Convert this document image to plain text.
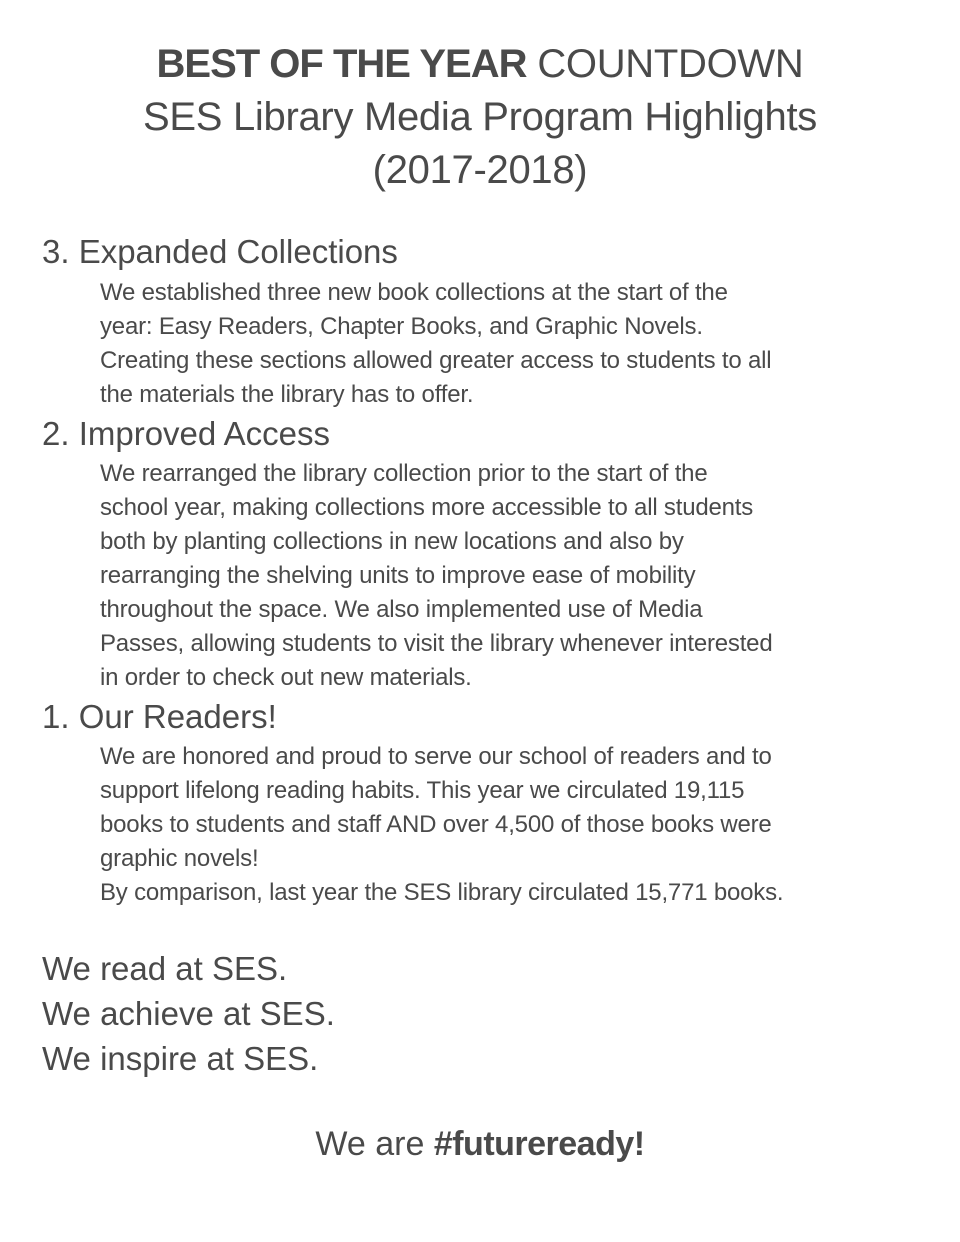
BEST OF THE YEAR COUNTDOWN
SES Library Media Program Highlights
(2017-2018)
3. Expanded Collections
We established three new book collections at the start of the
year: Easy Readers, Chapter Books, and Graphic Novels.
Creating these sections allowed greater access to students to all
the materials the library has to offer.
2. Improved Access
We rearranged the library collection prior to the start of the
school year, making collections more accessible to all students
both by planting collections in new locations and also by
rearranging the shelving units to improve ease of mobility
throughout the space. We also implemented use of Media
Passes, allowing students to visit the library whenever interested
in order to check out new materials.
1. Our Readers!
We are honored and proud to serve our school of readers and to
support lifelong reading habits. This year we circulated 19,115
books to students and staff AND over 4,500 of those books were
graphic novels!
By comparison, last year the SES library circulated 15,771 books.
We read at SES.
We achieve at SES.
We inspire at SES.
We are #futureready!
